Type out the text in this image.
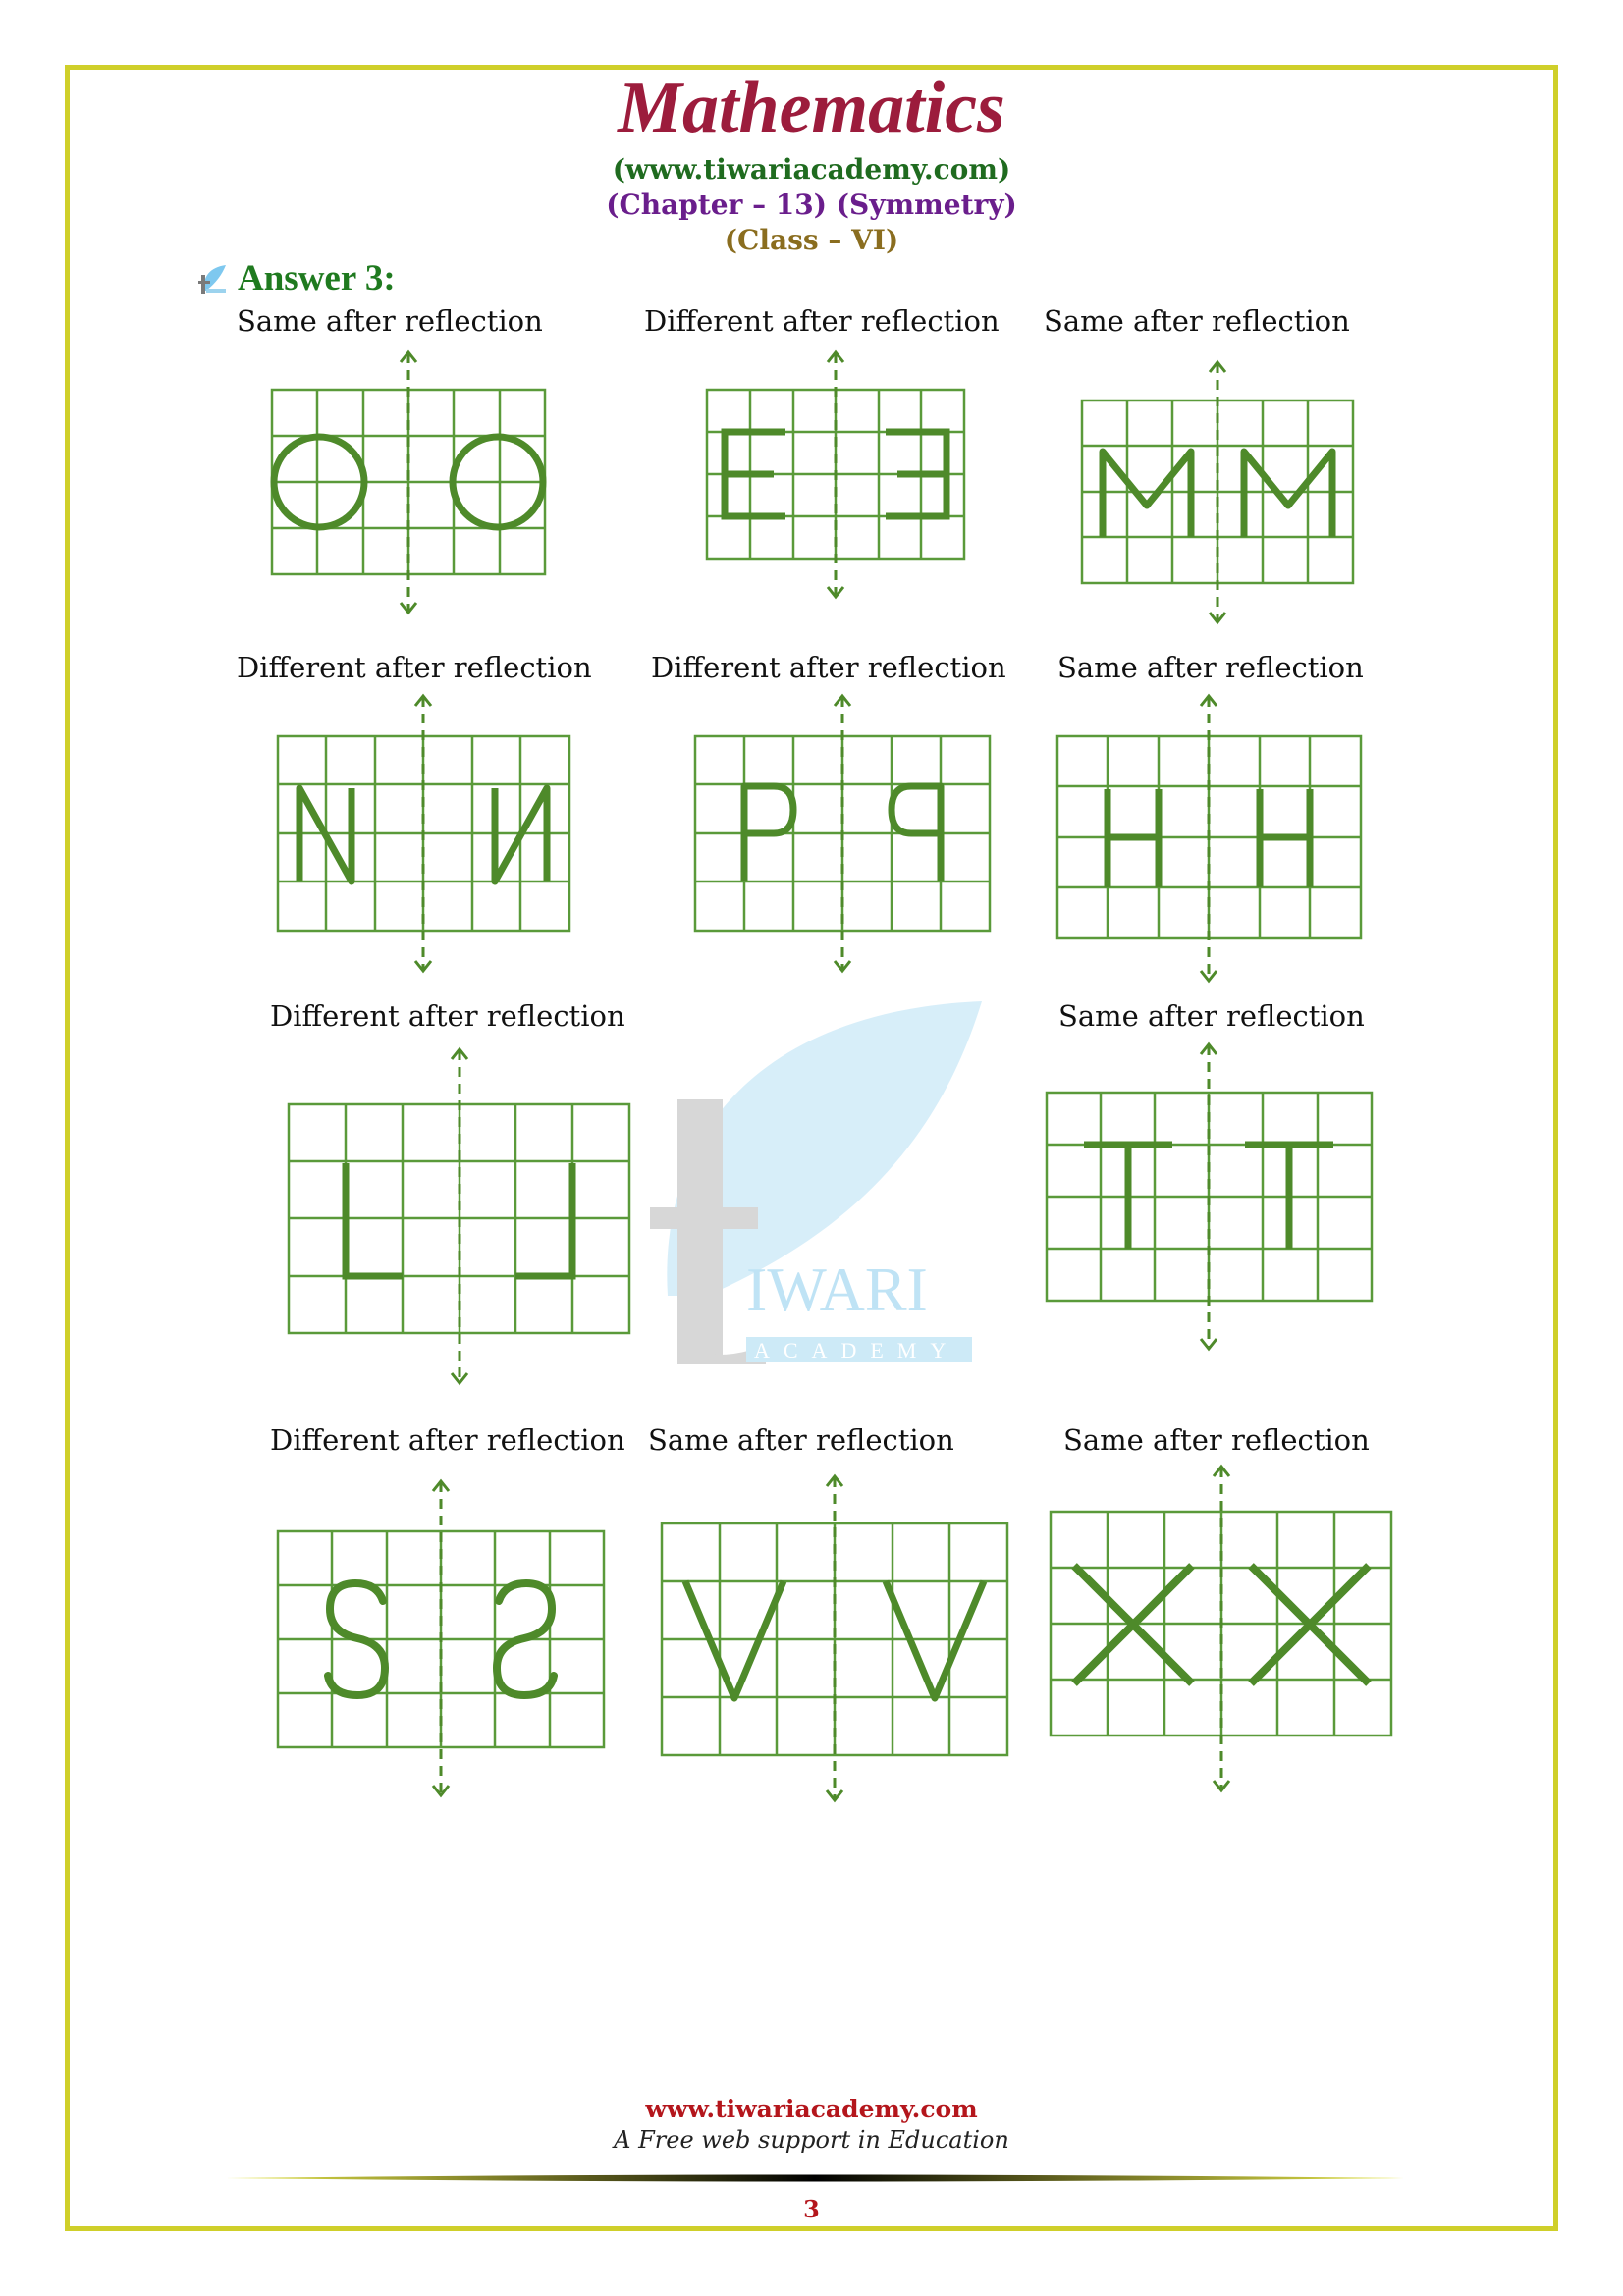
Mathematics

(www.tiwariacademy.com)

(Chapter – 13) (Symmetry)

(Class – VI)

Answer 3:
Same after reflection	Different after reflection Same after reflection
Different after reflection Different after reflection Same after reflection
Different after reflection	Same after reflection
IWARI
ACADEMY
Different after reflection Same after reflection	Same after reflection
www.tiwariacademy.com
A Free web support in Education
3
